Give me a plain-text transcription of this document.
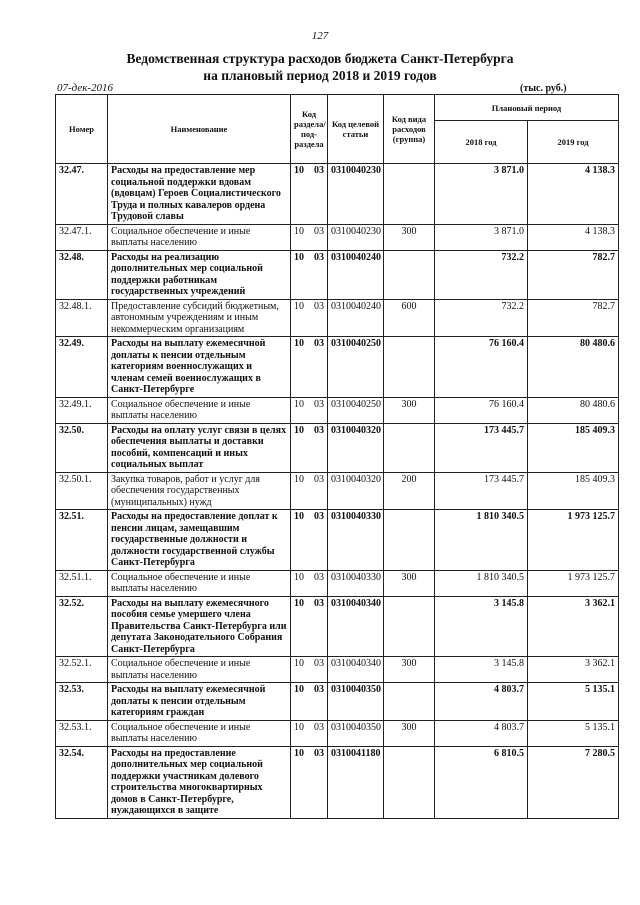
127
Ведомственная структура расходов бюджета Санкт-Петербурга
на плановый период 2018 и 2019 годов
07-дек-2016	(тыс. руб.)
Номер	Наименование	Код раздела/ под-раздела	Код целевой статьи	Код вида расходов (группа)	Плановый период	
					2018 год	2019 год
32.47.	Расходы на предоставление мер социальной поддержки вдовам (вдовцам) Героев Социалистического Труда и полных кавалеров ордена Трудовой славы	10 03	0310040230		3 871.0	4 138.3
32.47.1.	Социальное обеспечение и иные выплаты населению	10 03	0310040230	300	3 871.0	4 138.3
32.48.	Расходы на реализацию дополнительных мер социальной поддержки работникам государственных учреждений	10 03	0310040240		732.2	782.7
32.48.1.	Предоставление субсидий бюджетным, автономным учреждениям и иным некоммерческим организациям	10 03	0310040240	600	732.2	782.7
32.49.	Расходы на выплату ежемесячной доплаты к пенсии отдельным категориям военнослужащих и членам семей военнослужащих в Санкт-Петербурге	10 03	0310040250		76 160.4	80 480.6
32.49.1.	Социальное обеспечение и иные выплаты населению	10 03	0310040250	300	76 160.4	80 480.6
32.50.	Расходы на оплату услуг связи в целях обеспечения выплаты и доставки пособий, компенсаций и иных социальных выплат	10 03	0310040320		173 445.7	185 409.3
32.50.1.	Закупка товаров, работ и услуг для обеспечения государственных (муниципальных) нужд	10 03	0310040320	200	173 445.7	185 409.3
32.51.	Расходы на предоставление доплат к пенсии лицам, замещавшим государственные должности и должности государственной службы Санкт-Петербурга	10 03	0310040330		1 810 340.5	1 973 125.7
32.51.1.	Социальное обеспечение и иные выплаты населению	10 03	0310040330	300	1 810 340.5	1 973 125.7
32.52.	Расходы на выплату ежемесячного пособия семье умершего члена Правительства Санкт-Петербурга или депутата Законодательного Собрания Санкт-Петербурга	10 03	0310040340		3 145.8	3 362.1
32.52.1.	Социальное обеспечение и иные выплаты населению	10 03	0310040340	300	3 145.8	3 362.1
32.53.	Расходы на выплату ежемесячной доплаты к пенсии отдельным категориям граждан	10 03	0310040350		4 803.7	5 135.1
32.53.1.	Социальное обеспечение и иные выплаты населению	10 03	0310040350	300	4 803.7	5 135.1
32.54.	Расходы на предоставление дополнительных мер социальной поддержки участникам долевого строительства многоквартирных домов в Санкт-Петербурге, нуждающихся в защите	10 03	0310041180		6 810.5	7 280.5
